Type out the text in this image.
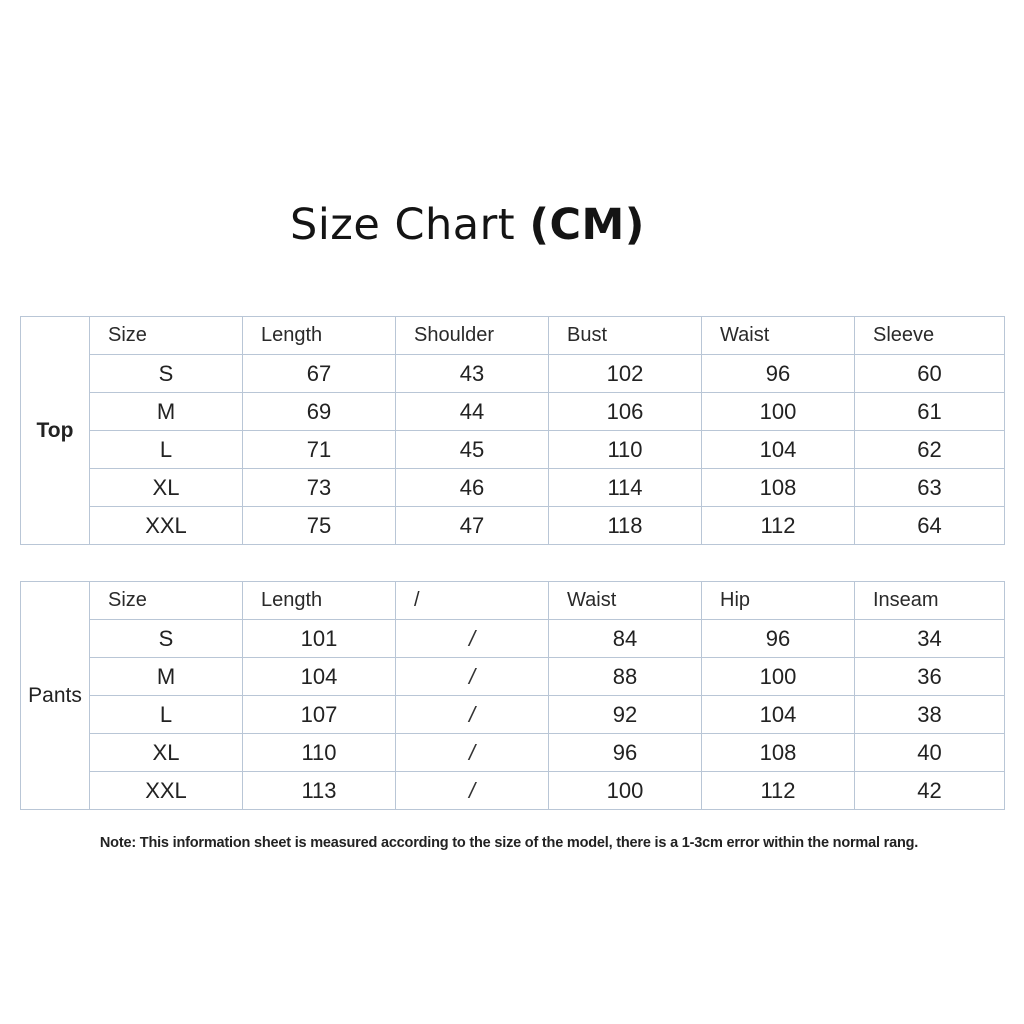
Size Chart (CM)
Top	Size	Length	Shoulder	Bust	Waist	Sleeve
	S	67	43	102	96	60
	M	69	44	106	100	61
	L	71	45	110	104	62
	XL	73	46	114	108	63
	XXL	75	47	118	112	64
Pants	Size	Length	/	Waist	Hip	Inseam
	S	101	/	84	96	34
	M	104	/	88	100	36
	L	107	/	92	104	38
	XL	110	/	96	108	40
	XXL	113	/	100	112	42
Note: This information sheet is measured according to the size of the model, there is a 1-3cm error within the normal rang.
